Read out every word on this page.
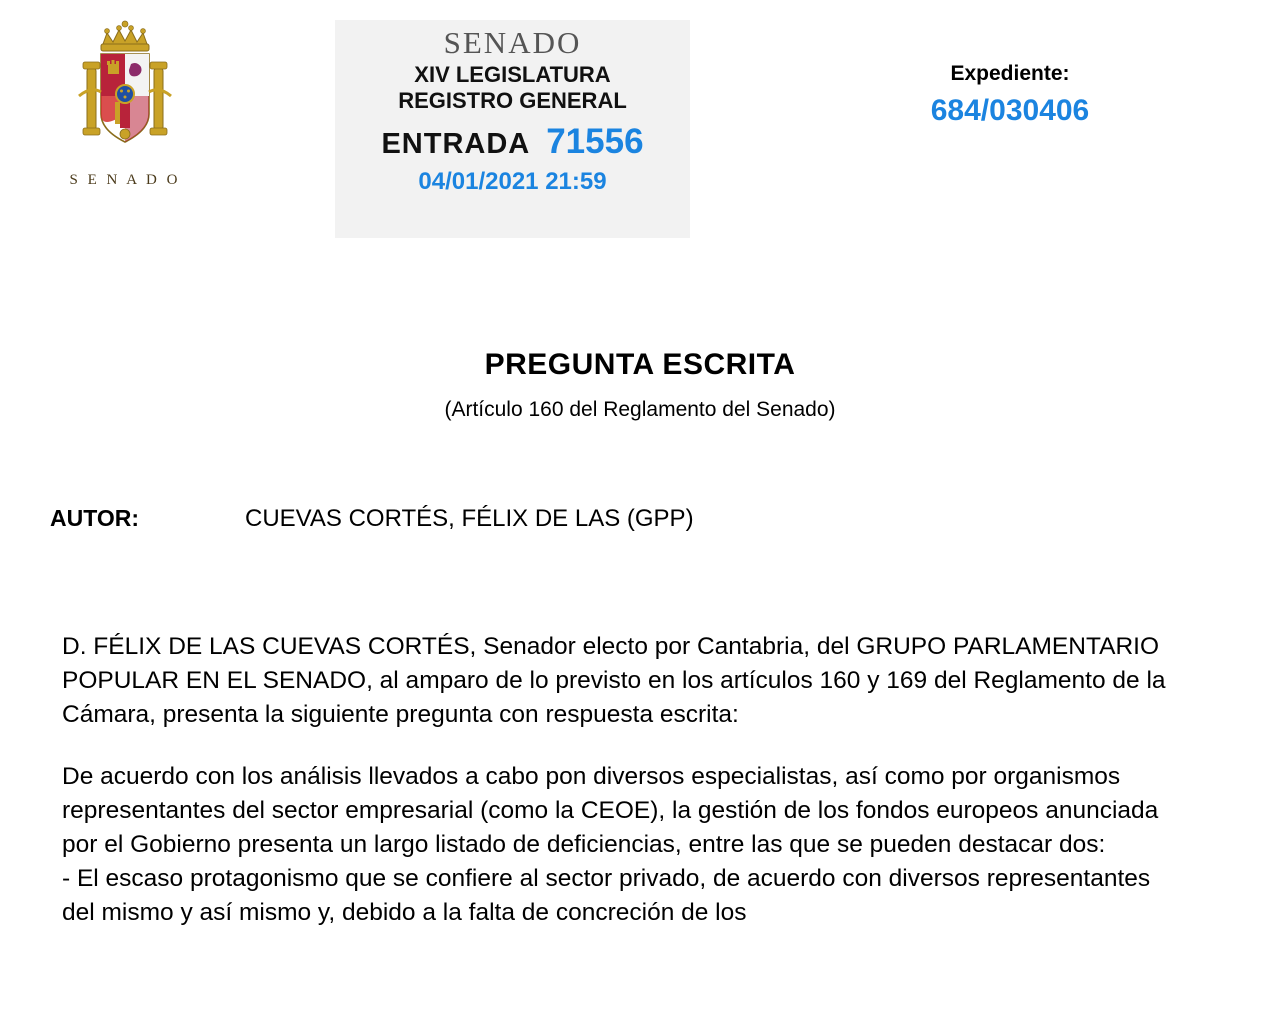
S E N A D O
SENADO
XIV LEGISLATURA
REGISTRO GENERAL
ENTRADA 71556
04/01/2021 21:59
Expediente:
684/030406
PREGUNTA ESCRITA
(Artículo 160 del Reglamento del Senado)
AUTOR:	CUEVAS CORTÉS, FÉLIX DE LAS (GPP)

D. FÉLIX DE LAS CUEVAS CORTÉS, Senador electo por Cantabria, del GRUPO PARLAMENTARIO POPULAR EN EL SENADO, al amparo de lo previsto en los artículos 160 y 169 del Reglamento de la Cámara, presenta la siguiente pregunta con respuesta escrita:

De acuerdo con los análisis llevados a cabo pon diversos especialistas, así como por organismos representantes del sector empresarial (como la CEOE), la gestión de los fondos europeos anunciada por el Gobierno presenta un largo listado de deficiencias, entre las que se pueden destacar dos:
- El escaso protagonismo que se confiere al sector privado, de acuerdo con diversos representantes del mismo y así mismo y, debido a la falta de concreción de los
